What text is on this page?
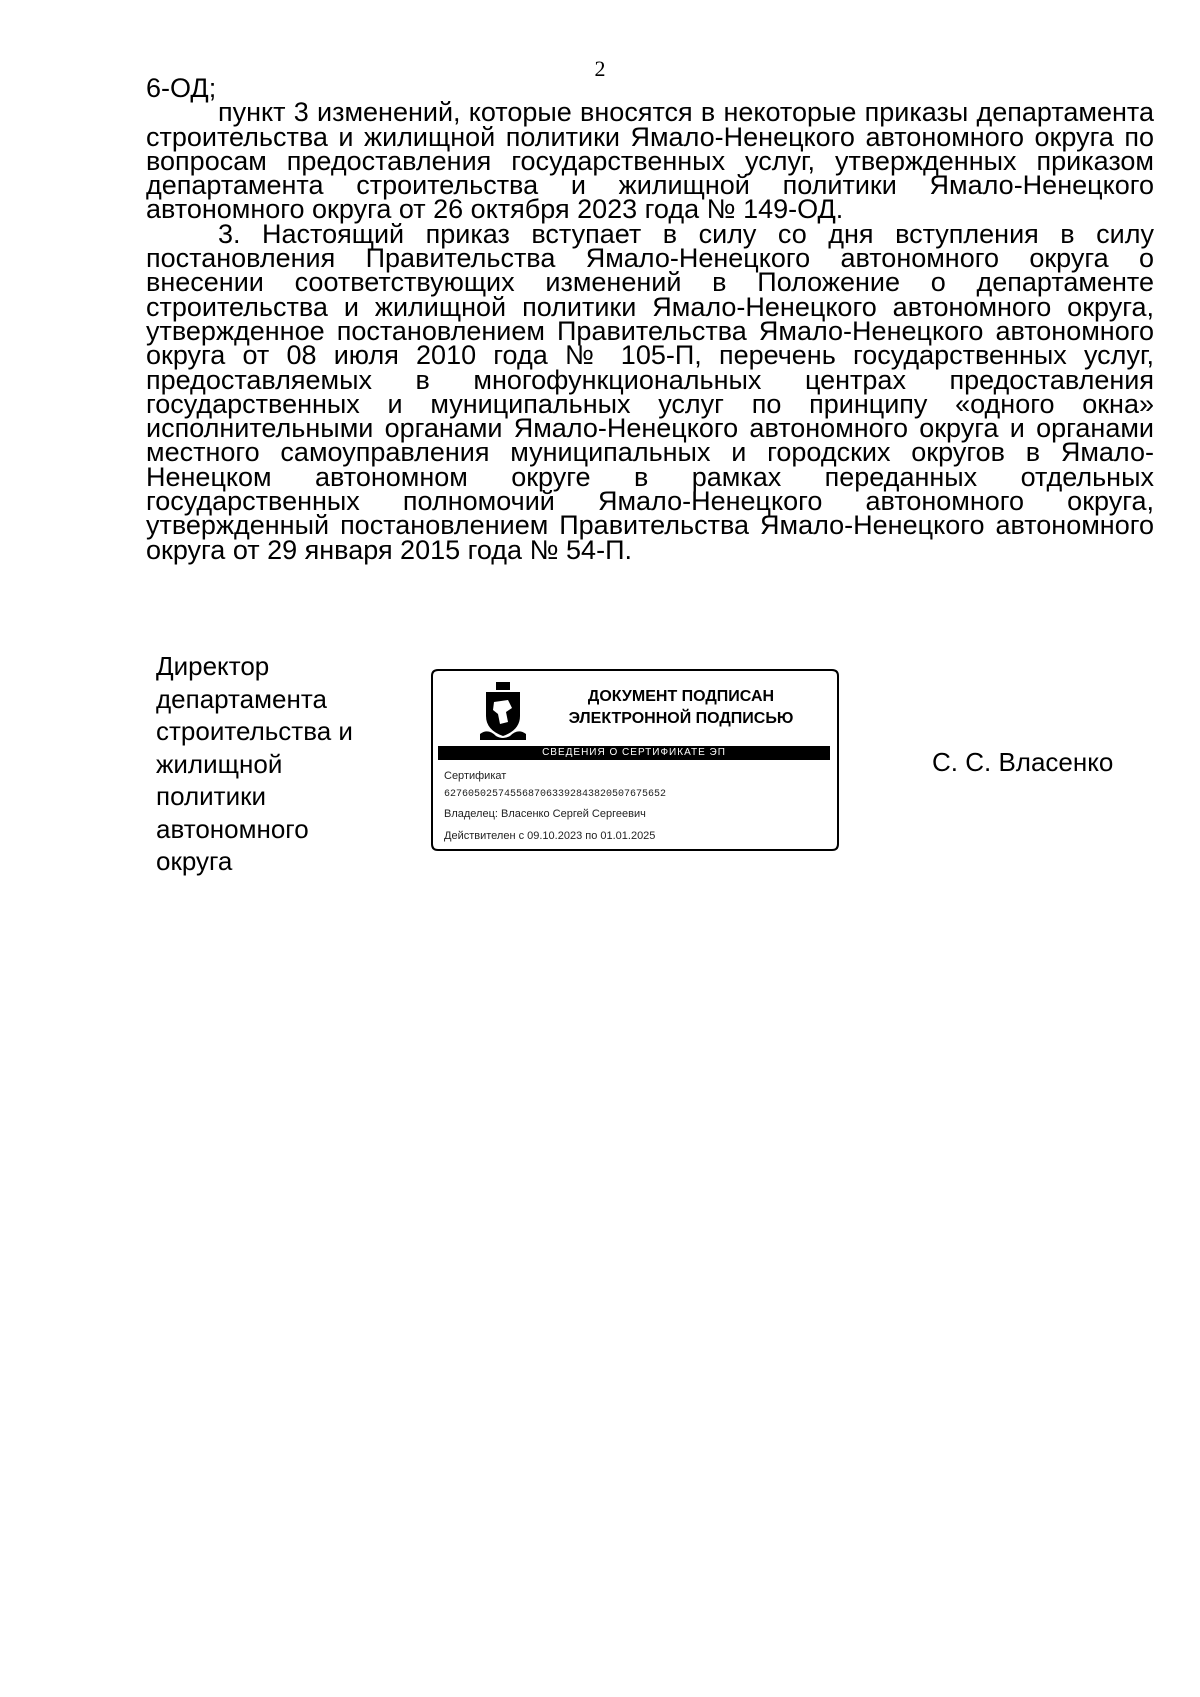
2

6-ОД;

пункт 3 изменений, которые вносятся в некоторые приказы департамента строительства и жилищной политики Ямало-Ненецкого автономного округа по вопросам предоставления государственных услуг, утвержденных приказом департамента строительства и жилищной политики Ямало-Ненецкого автономного округа от 26 октября 2023 года № 149-ОД.

3. Настоящий приказ вступает в силу со дня вступления в силу постановления Правительства Ямало-Ненецкого автономного округа о внесении соответствующих изменений в Положение о департаменте строительства и жилищной политики Ямало-Ненецкого автономного округа, утвержденное постановлением Правительства Ямало-Ненецкого автономного округа от 08 июля 2010 года № 105-П, перечень государственных услуг, предоставляемых в многофункциональных центрах предоставления государственных и муниципальных услуг по принципу «одного окна» исполнительными органами Ямало-Ненецкого автономного округа и органами местного самоуправления муниципальных и городских округов в Ямало-Ненецком автономном округе в рамках переданных отдельных государственных полномочий Ямало-Ненецкого автономного округа, утвержденный постановлением Правительства Ямало-Ненецкого автономного округа от 29 января 2015 года № 54-П.

Директор
департамента
строительства и
жилищной
политики
автономного
округа
ДОКУМЕНТ ПОДПИСАН
ЭЛЕКТРОННОЙ ПОДПИСЬЮ
СВЕДЕНИЯ О СЕРТИФИКАТЕ ЭП
Сертификат
6276050257455687063392843820507675652
Владелец: Власенко Сергей Сергеевич
Действителен с 09.10.2023 по 01.01.2025
С. С. Власенко
